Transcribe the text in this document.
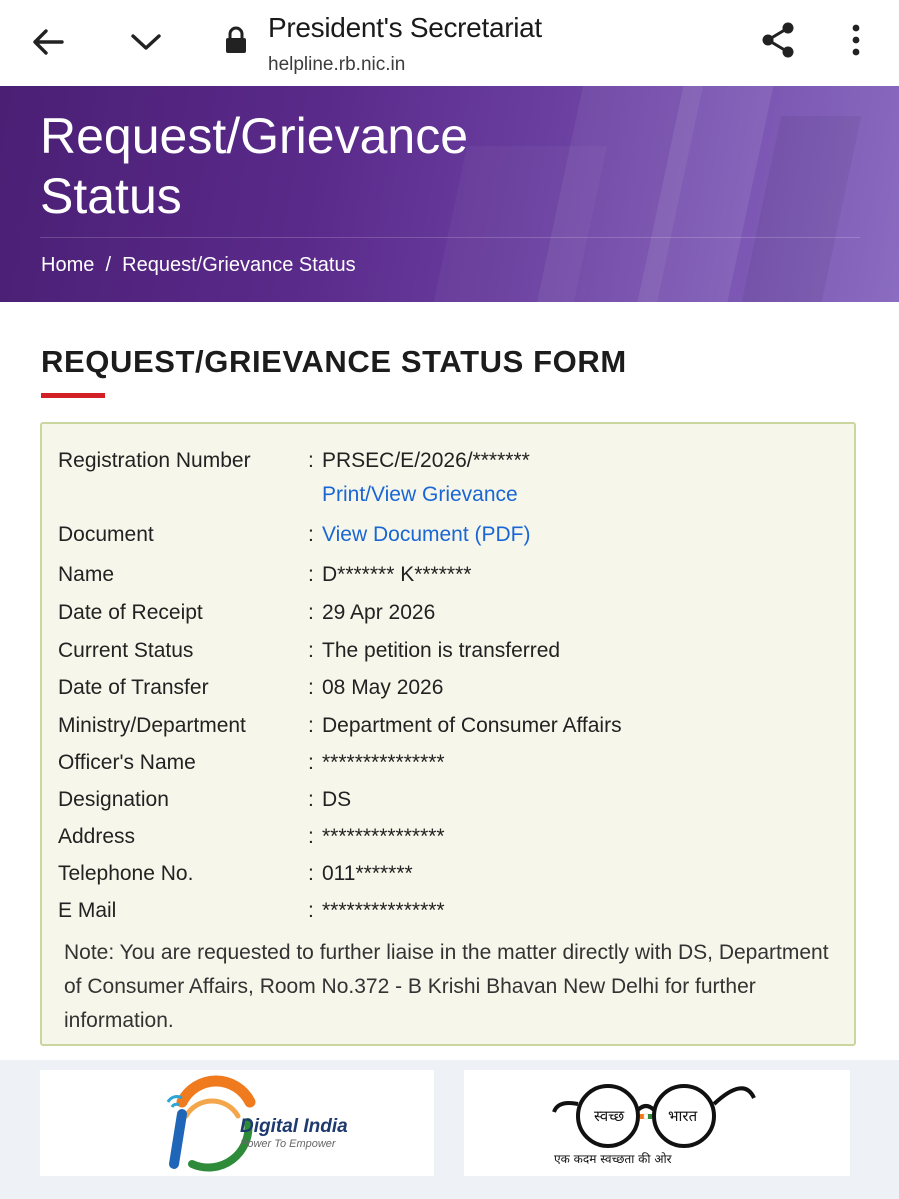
President's Secretariat
helpline.rb.nic.in
Request/Grievance Status
Home / Request/Grievance Status
REQUEST/GRIEVANCE STATUS FORM
Registration Number	: PRSEC/E/2026/*******
Print/View Grievance
Document	: View Document (PDF)
Name	: D******* K*******
Date of Receipt	: 29 Apr 2026
Current Status	: The petition is transferred
Date of Transfer	: 08 May 2026
Ministry/Department	: Department of Consumer Affairs
Officer's Name	: ***************
Designation	: DS
Address	: ***************
Telephone No.	: 011*******
E Mail	: ***************
Note: You are requested to further liaise in the matter directly with DS, Department of Consumer Affairs, Room No.372 - B Krishi Bhavan New Delhi for further information.
Digital India
Power To Empower
स्वच्छ	भारत
एक कदम स्वच्छता की ओर
